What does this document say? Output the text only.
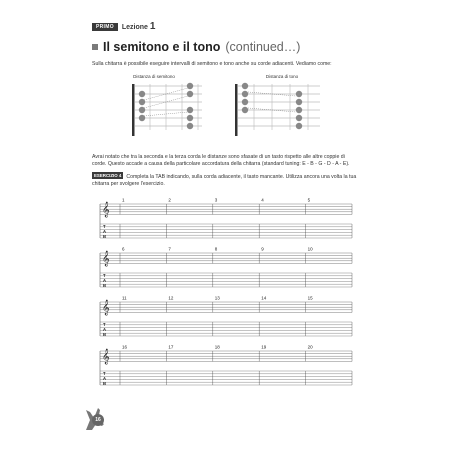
PRIMO	Lezione 1
Il semitono e il tono (continued…)
Sulla chitarra è possibile eseguire intervalli di semitono e tono anche su corde adiacenti. Vediamo come:
Distanza di semitono	Distanza di tono
Avrai notato che tra la seconda e la terza corda le distanze sono sfasate di un tasto rispetto alle altre coppie di corde. Questo accade a causa della particolare accordatura della chitarra (standard tuning: E - B - G - D - A - E).
ESERCIZIO 4 Completa la TAB indicando, sulla corda adiacente, il tasto mancante. Utilizza ancora una volta la tua chitarra per svolgere l'esercizio.
𝄞
T
A
B
1	2	3	4	5
𝄞
T
A
B
6	7	8	9	10
𝄞
T
A
B
11	12	13	14	15
𝄞
T
A
B
16	17	18	19	20
16
